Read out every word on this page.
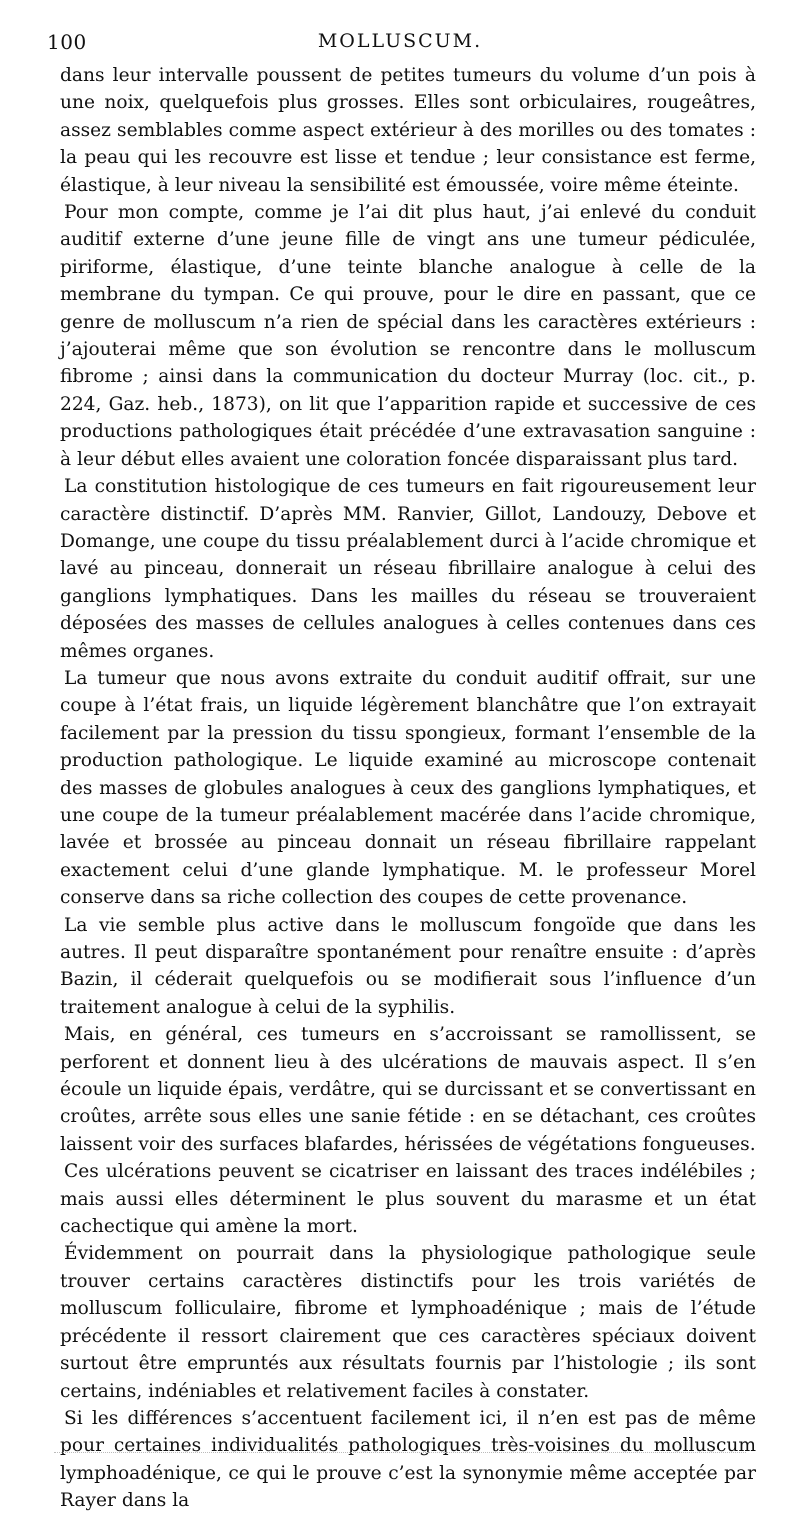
100	MOLLUSCUM.

dans leur intervalle poussent de petites tumeurs du volume d’un pois à une noix, quelquefois plus grosses. Elles sont orbiculaires, rougeâtres, assez semblables comme aspect extérieur à des morilles ou des tomates : la peau qui les recouvre est lisse et tendue ; leur consistance est ferme, élastique, à leur niveau la sensibilité est émoussée, voire même éteinte.

Pour mon compte, comme je l’ai dit plus haut, j’ai enlevé du conduit auditif externe d’une jeune fille de vingt ans une tumeur pédiculée, piriforme, élastique, d’une teinte blanche analogue à celle de la membrane du tympan. Ce qui prouve, pour le dire en passant, que ce genre de molluscum n’a rien de spécial dans les caractères extérieurs : j’ajouterai même que son évolution se rencontre dans le molluscum fibrome ; ainsi dans la communication du docteur Murray (loc. cit., p. 224, Gaz. heb., 1873), on lit que l’apparition rapide et successive de ces productions pathologiques était précédée d’une extravasation sanguine : à leur début elles avaient une coloration foncée disparaissant plus tard.

La constitution histologique de ces tumeurs en fait rigoureusement leur caractère distinctif. D’après MM. Ranvier, Gillot, Landouzy, Debove et Domange, une coupe du tissu préalablement durci à l’acide chromique et lavé au pinceau, donnerait un réseau fibrillaire analogue à celui des ganglions lymphatiques. Dans les mailles du réseau se trouveraient déposées des masses de cellules analogues à celles contenues dans ces mêmes organes.

La tumeur que nous avons extraite du conduit auditif offrait, sur une coupe à l’état frais, un liquide légèrement blanchâtre que l’on extrayait facilement par la pression du tissu spongieux, formant l’ensemble de la production pathologique. Le liquide examiné au microscope contenait des masses de globules analogues à ceux des ganglions lymphatiques, et une coupe de la tumeur préalablement macérée dans l’acide chromique, lavée et brossée au pinceau donnait un réseau fibrillaire rappelant exactement celui d’une glande lymphatique. M. le professeur Morel conserve dans sa riche collection des coupes de cette provenance.

La vie semble plus active dans le molluscum fongoïde que dans les autres. Il peut disparaître spontanément pour renaître ensuite : d’après Bazin, il céderait quelquefois ou se modifierait sous l’influence d’un traitement analogue à celui de la syphilis.

Mais, en général, ces tumeurs en s’accroissant se ramollissent, se perforent et donnent lieu à des ulcérations de mauvais aspect. Il s’en écoule un liquide épais, verdâtre, qui se durcissant et se convertissant en croûtes, arrête sous elles une sanie fétide : en se détachant, ces croûtes laissent voir des surfaces blafardes, hérissées de végétations fongueuses.

Ces ulcérations peuvent se cicatriser en laissant des traces indélébiles ; mais aussi elles déterminent le plus souvent du marasme et un état cachectique qui amène la mort.

Évidemment on pourrait dans la physiologique pathologique seule trouver certains caractères distinctifs pour les trois variétés de molluscum folliculaire, fibrome et lymphoadénique ; mais de l’étude précédente il ressort clairement que ces caractères spéciaux doivent surtout être empruntés aux résultats fournis par l’histologie ; ils sont certains, indéniables et relativement faciles à constater.

Si les différences s’accentuent facilement ici, il n’en est pas de même pour certaines individualités pathologiques très-voisines du molluscum lymphoadénique, ce qui le prouve c’est la synonymie même acceptée par Rayer dans la
